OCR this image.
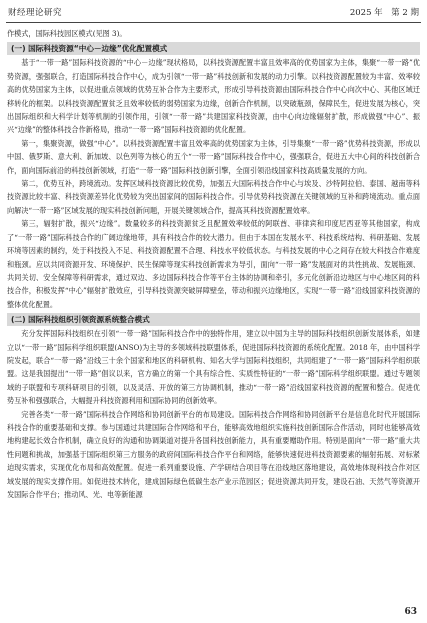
财经理论研究	2025 年　第 2 期

作模式，国际科技园区模式(见图 3)。

(一) 国际科技资源“中心－边缘”优化配置模式

基于“一带一路”国际科技资源的“中心－边缘”现状格局，以科技资源配置丰富且效率高的优势国家为主体，集聚“一带一路”优势资源，强强联合，打造国际科技合作中心，成为引领“一带一路”科技创新和发展的动力引擎。以科技资源配置较为丰富、效率较高的优势国家为主体，以促进重点领域的优势互补合作为主要形式，形成引导科技资源由国际科技合作中心向次中心、其他区域迁移转化的框架。以科技资源配置贫乏且效率较低的弱势国家为边缘，创新合作机制，以突破瓶颈，保障民生，促进发展为核心，突出国际组织和大科学计划等机制的引领作用，引领“一带一路”共建国家科技资源，由中心向边缘辐射扩散，形成做强“中心”、振兴“边缘”的整体科技合作新格局，推动“一带一路”国际科技资源的优化配置。

第一，集聚资源，做强“中心”。以科技资源配置丰富且效率高的优势国家为主体，引导集聚“一带一路”优势科技资源，形成以中国、俄罗斯、意大利、新加坡、以色列等为核心的五个“一带一路”国际科技合作中心，强强联合，促进五大中心间的科技创新合作，面向国际前沿的科技创新领域，打造“一带一路”国际科技创新引擎，全面引领沿线国家科技高质量发展的方向。

第二，优势互补，跨境流动。发挥区域科技资源比较优势，加强五大国际科技合作中心与埃及、沙特阿拉伯、泰国、越南等科技资源比较丰富、科技资源差异化优势较为突出国家间的国际科技合作。引导优势科技资源在关键领域的互补和跨境流动。重点面向解决“一带一路”区域发展的现实科技创新问题，开展关键领域合作，提高其科技资源配置效率。

第三，辐射扩散，振兴“边缘”。数量较多的科技资源贫乏且配置效率较低的阿联酋、菲律宾和印度尼西亚等其他国家，构成了“一带一路”国际科技合作的广阔边缘地带，具有科技合作的较大潜力。但由于本国在发展水平、科技系统结构、科研基础、发展环境等因素的制约，处于科技投入不足、科技资源配置不合理、科技水平较低状态。与科技发展的中心之间存在较大科技合作难度和瓶颈。应以共同资源开发、环境保护、民生保障等现实科技创新需求为导引，面向“一带一路”发展面对的共性挑战、发展瓶颈、共同关切、安全保障等科研需求，通过双边、多边国际科技合作等平台主体的协调和牵引，多元化创新沿边地区与中心地区间的科技合作，积极发挥“中心”辐射扩散效应，引导科技资源突破屏障壁垒，带动和振兴边缘地区，实现“一带一路”沿线国家科技资源的整体优化配置。

(二) 国际科技组织引领资源系统整合模式

充分发挥国际科技组织在引领“一带一路”国际科技合作中的独特作用，建立以中国为主导的国际科技组织创新发展体系，如建立以“一带一路”国际科学组织联盟(ANSO)为主导的多领域科技联盟体系，促进国际科技资源的系统化配置。2018 年，由中国科学院发起，联合“一带一路”沿线三十余个国家和地区的科研机构、知名大学与国际科技组织，共同组建了“一带一路”国际科学组织联盟。这是我国提出“一带一路”倡议以来，官方确立的第一个具有综合性、实质性特征的“一带一路”国际科学组织联盟。通过专题领域的子联盟和专项科研项目的引领，以及灵活、开放的第三方协调机制，推动“一带一路”沿线国家科技资源的配置和整合。促进优势互补和强强联合，大幅提升科技资源利用和国际协同的创新效率。

完善各类“一带一路”国际科技合作网络和协同创新平台的布局建设。国际科技合作网络和协同创新平台是信息化时代开展国际科技合作的重要基础和支撑。参与国通过共建国际合作网络和平台，能够高效地组织实施科技创新国际合作活动，同时也能够高效地构建起长效合作机制，确立良好的沟通和协调渠道对提升各国科技创新能力，具有重要赠助作用。特别是面向“一带一路”重大共性问题和挑战，加强基于国际组织第三方服务的政府间国际科技合作平台和网络，能够快速促进科技资源要素的辐射拓展、对标紧迫现实需求，实现优化布局和高效配置。促进一系列重要设施、产学研结合项目等在沿线地区落地建设，高效地体现科技合作对区域发展的现实支撑作用。如促进技术转化，建成国际绿色低碳生态产业示范园区；促进资源共同开发，建设石油、天然气等资源开发国际合作平台；推动风、光、电等新能源

63
